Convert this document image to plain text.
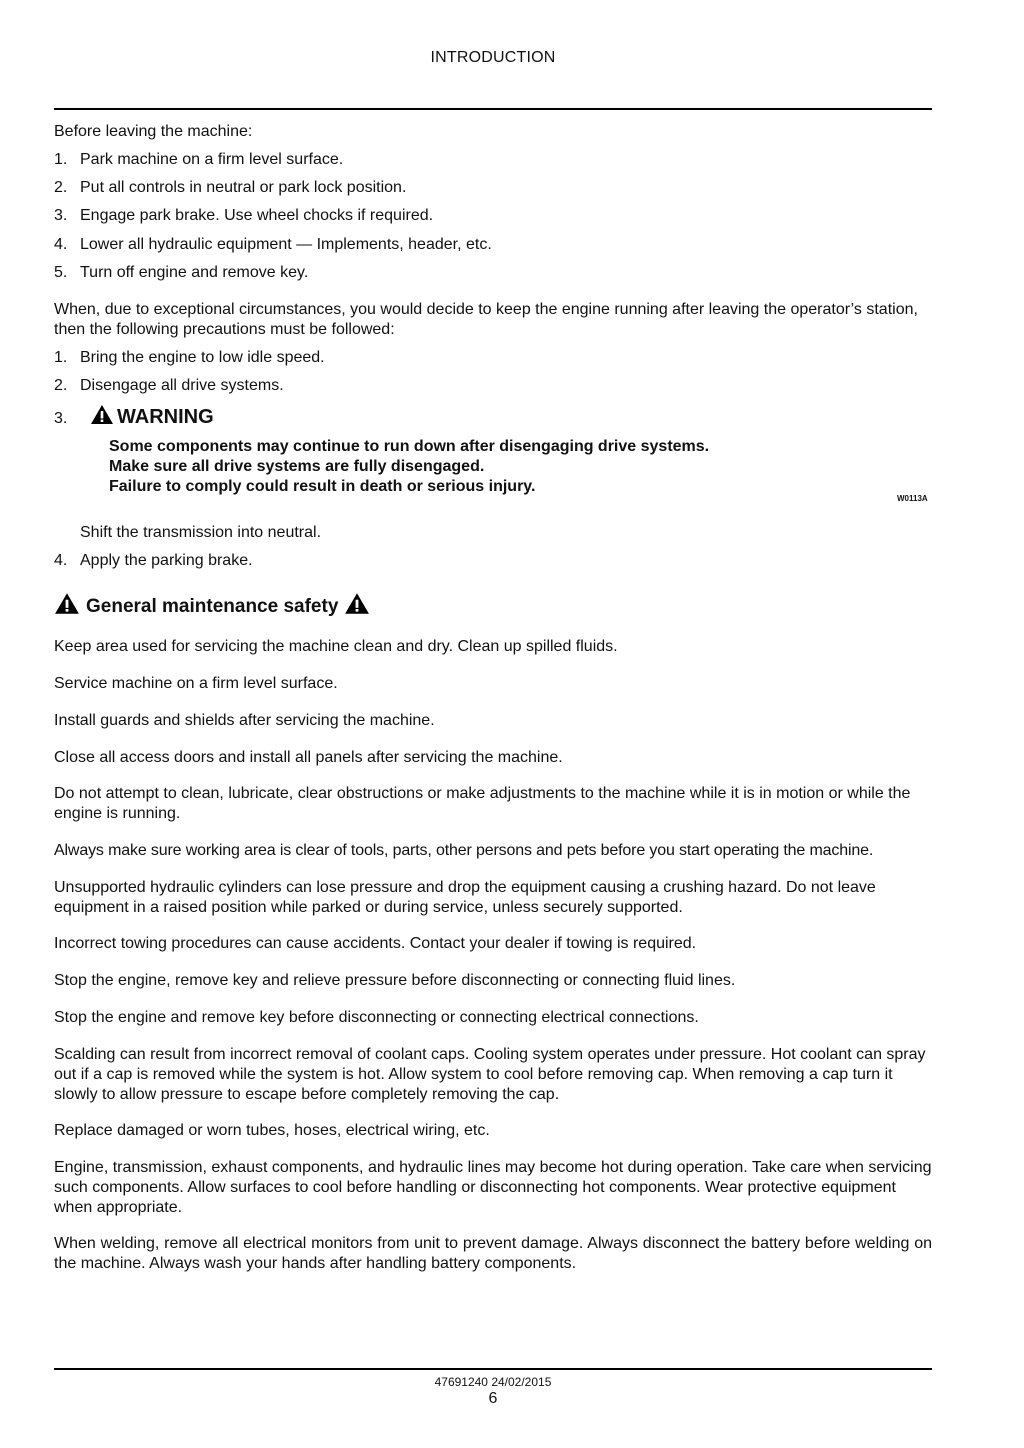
INTRODUCTION
Before leaving the machine:
1. Park machine on a firm level surface.
2. Put all controls in neutral or park lock position.
3. Engage park brake. Use wheel chocks if required.
4. Lower all hydraulic equipment — Implements, header, etc.
5. Turn off engine and remove key.
When, due to exceptional circumstances, you would decide to keep the engine running after leaving the operator’s station, then the following precautions must be followed:
1. Bring the engine to low idle speed.
2. Disengage all drive systems.
3.	WARNING
Some components may continue to run down after disengaging drive systems.
Make sure all drive systems are fully disengaged.
Failure to comply could result in death or serious injury.
W0113A
Shift the transmission into neutral.
4. Apply the parking brake.
General maintenance safety
Keep area used for servicing the machine clean and dry. Clean up spilled fluids.
Service machine on a firm level surface.
Install guards and shields after servicing the machine.
Close all access doors and install all panels after servicing the machine.
Do not attempt to clean, lubricate, clear obstructions or make adjustments to the machine while it is in motion or while the engine is running.
Always make sure working area is clear of tools, parts, other persons and pets before you start operating the machine.
Unsupported hydraulic cylinders can lose pressure and drop the equipment causing a crushing hazard. Do not leave equipment in a raised position while parked or during service, unless securely supported.
Incorrect towing procedures can cause accidents. Contact your dealer if towing is required.
Stop the engine, remove key and relieve pressure before disconnecting or connecting fluid lines.
Stop the engine and remove key before disconnecting or connecting electrical connections.
Scalding can result from incorrect removal of coolant caps. Cooling system operates under pressure. Hot coolant can spray out if a cap is removed while the system is hot. Allow system to cool before removing cap. When removing a cap turn it slowly to allow pressure to escape before completely removing the cap.
Replace damaged or worn tubes, hoses, electrical wiring, etc.
Engine, transmission, exhaust components, and hydraulic lines may become hot during operation. Take care when servicing such components. Allow surfaces to cool before handling or disconnecting hot components. Wear protective equipment when appropriate.
When welding, remove all electrical monitors from unit to prevent damage. Always disconnect the battery before welding on the machine. Always wash your hands after handling battery components.
47691240 24/02/2015
6
